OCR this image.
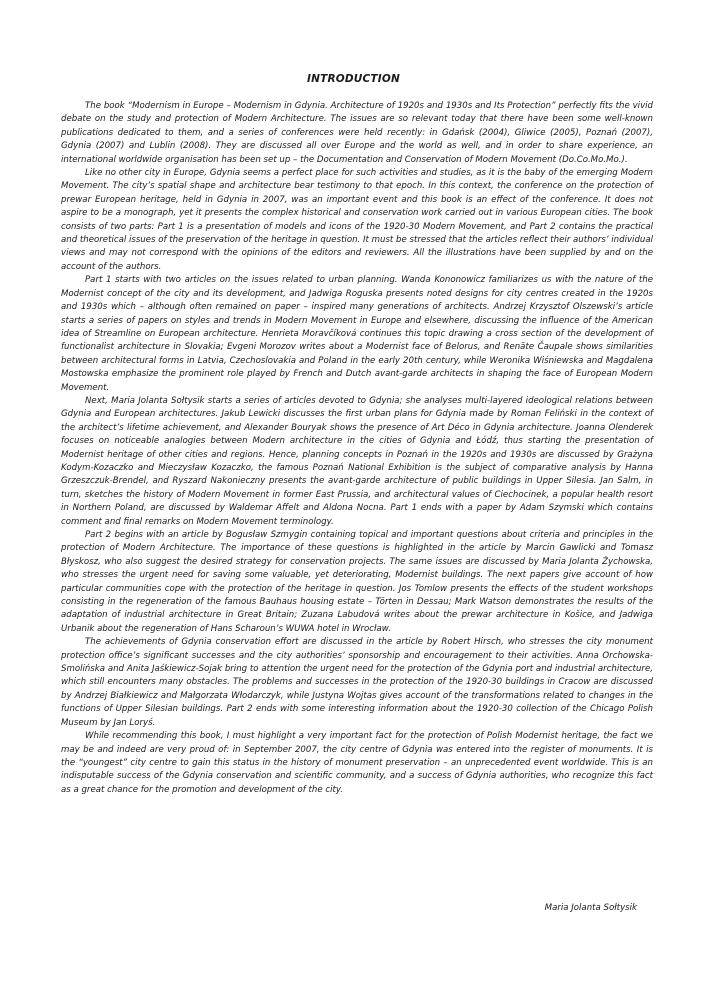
INTRODUCTION

The book “Modernism in Europe – Modernism in Gdynia. Architecture of 1920s and 1930s and Its Protection” perfectly fits the vivid debate on the study and protection of Modern Architecture. The issues are so relevant today that there have been some well-known publications dedicated to them, and a series of conferences were held recently: in Gdańsk (2004), Gliwice (2005), Poznań (2007), Gdynia (2007) and Lublin (2008). They are discussed all over Europe and the world as well, and in order to share experience, an international worldwide organisation has been set up – the Documentation and Conservation of Modern Movement (Do.Co.Mo.Mo.).

Like no other city in Europe, Gdynia seems a perfect place for such activities and studies, as it is the baby of the emerging Modern Movement. The city’s spatial shape and architecture bear testimony to that epoch. In this context, the conference on the protection of prewar European heritage, held in Gdynia in 2007, was an important event and this book is an effect of the conference. It does not aspire to be a monograph, yet it presents the complex historical and conservation work carried out in various European cities. The book consists of two parts: Part 1 is a presentation of models and icons of the 1920-30 Modern Movement, and Part 2 contains the practical and theoretical issues of the preservation of the heritage in question. It must be stressed that the articles reflect their authors’ individual views and may not correspond with the opinions of the editors and reviewers. All the illustrations have been supplied by and on the account of the authors.

Part 1 starts with two articles on the issues related to urban planning. Wanda Kononowicz familiarizes us with the nature of the Modernist concept of the city and its development, and Jadwiga Roguska presents noted designs for city centres created in the 1920s and 1930s which – although often remained on paper – inspired many generations of architects. Andrzej Krzysztof Olszewski’s article starts a series of papers on styles and trends in Modern Movement in Europe and elsewhere, discussing the influence of the American idea of Streamline on European architecture. Henrieta Moravčíková continues this topic drawing a cross section of the development of functionalist architecture in Slovakia; Evgeni Morozov writes about a Modernist face of Belorus, and Renāte Čaupale shows similarities between architectural forms in Latvia, Czechoslovakia and Poland in the early 20th century, while Weronika Wiśniewska and Magdalena Mostowska emphasize the prominent role played by French and Dutch avant-garde architects in shaping the face of European Modern Movement.

Next, Maria Jolanta Sołtysik starts a series of articles devoted to Gdynia; she analyses multi-layered ideological relations between Gdynia and European architectures. Jakub Lewicki discusses the first urban plans for Gdynia made by Roman Feliński in the context of the architect’s lifetime achievement, and Alexander Bouryak shows the presence of Art Déco in Gdynia architecture. Joanna Olenderek focuses on noticeable analogies between Modern architecture in the cities of Gdynia and Łódź, thus starting the presentation of Modernist heritage of other cities and regions. Hence, planning concepts in Poznań in the 1920s and 1930s are discussed by Grażyna Kodym-Kozaczko and Mieczysław Kozaczko, the famous Poznań National Exhibition is the subject of comparative analysis by Hanna Grzeszczuk-Brendel, and Ryszard Nakonieczny presents the avant-garde architecture of public buildings in Upper Silesia. Jan Salm, in turn, sketches the history of Modern Movement in former East Prussia, and architectural values of Ciechocinek, a popular health resort in Northern Poland, are discussed by Waldemar Affelt and Aldona Nocna. Part 1 ends with a paper by Adam Szymski which contains comment and final remarks on Modern Movement terminology.

Part 2 begins with an article by Bogusław Szmygin containing topical and important questions about criteria and principles in the protection of Modern Architecture. The importance of these questions is highlighted in the article by Marcin Gawlicki and Tomasz Błyskosz, who also suggest the desired strategy for conservation projects. The same issues are discussed by Maria Jolanta Żychowska, who stresses the urgent need for saving some valuable, yet deteriorating, Modernist buildings. The next papers give account of how particular communities cope with the protection of the heritage in question. Jos Tomlow presents the effects of the student workshops consisting in the regeneration of the famous Bauhaus housing estate – Törten in Dessau; Mark Watson demonstrates the results of the adaptation of industrial architecture in Great Britain; Zuzana Labudová writes about the prewar architecture in Košice, and Jadwiga Urbanik about the regeneration of Hans Scharoun’s WUWA hotel in Wrocław.

The achievements of Gdynia conservation effort are discussed in the article by Robert Hirsch, who stresses the city monument protection office’s significant successes and the city authorities’ sponsorship and encouragement to their activities. Anna Orchowska-Smolińska and Anita Jaśkiewicz-Sojak bring to attention the urgent need for the protection of the Gdynia port and industrial architecture, which still encounters many obstacles. The problems and successes in the protection of the 1920-30 buildings in Cracow are discussed by Andrzej Białkiewicz and Małgorzata Włodarczyk, while Justyna Wojtas gives account of the transformations related to changes in the functions of Upper Silesian buildings. Part 2 ends with some interesting information about the 1920-30 collection of the Chicago Polish Museum by Jan Loryś.

While recommending this book, I must highlight a very important fact for the protection of Polish Modernist heritage, the fact we may be and indeed are very proud of: in September 2007, the city centre of Gdynia was entered into the register of monuments. It is the “youngest” city centre to gain this status in the history of monument preservation – an unprecedented event worldwide. This is an indisputable success of the Gdynia conservation and scientific community, and a success of Gdynia authorities, who recognize this fact as a great chance for the promotion and development of the city.

Maria Jolanta Sołtysik
